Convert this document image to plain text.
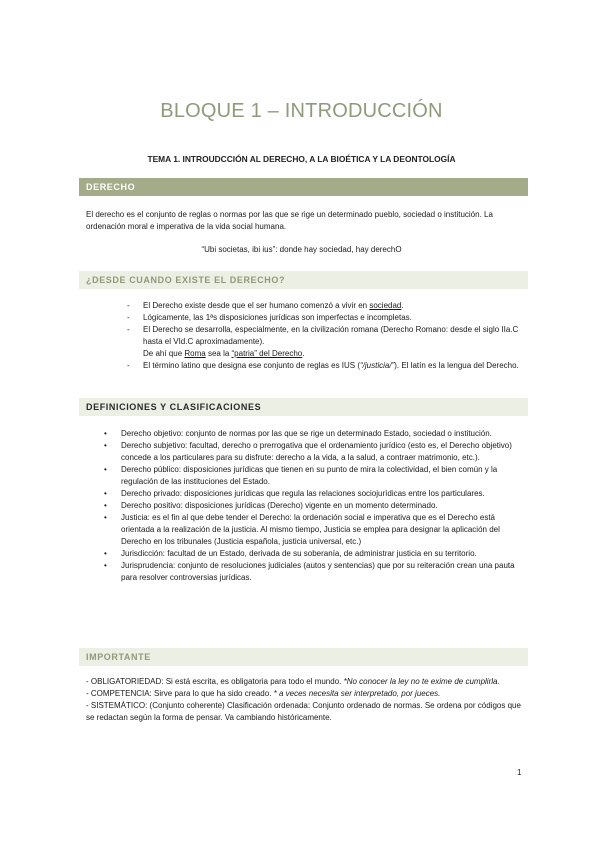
BLOQUE 1 – INTRODUCCIÓN
TEMA 1. INTROUDCCIÓN AL DERECHO, A LA BIOÉTICA Y LA DEONTOLOGÍA
DERECHO
El derecho es el conjunto de reglas o normas por las que se rige un determinado pueblo, sociedad o institución. La ordenación moral e imperativa de la vida social humana.
“Ubi societas, ibi ius”: donde hay sociedad, hay derechO
¿DESDE CUANDO EXISTE EL DERECHO?
- El Derecho existe desde que el ser humano comenzó a vivir en sociedad.
- Lógicamente, las 1ªs disposiciones jurídicas son imperfectas e incompletas.
- El Derecho se desarrolla, especialmente, en la civilización romana (Derecho Romano: desde el siglo IIa.C hasta el VId.C aproximadamente).
De ahí que Roma sea la “patria” del Derecho.
- El término latino que designa ese conjunto de reglas es IUS (“/justicia/”). El latín es la lengua del Derecho.
DEFINICIONES Y CLASIFICACIONES
• Derecho objetivo: conjunto de normas por las que se rige un determinado Estado, sociedad o institución.
• Derecho subjetivo: facultad, derecho o prerrogativa que el ordenamiento jurídico (esto es, el Derecho objetivo) concede a los particulares para su disfrute: derecho a la vida, a la salud, a contraer matrimonio, etc.).
• Derecho público: disposiciones jurídicas que tienen en su punto de mira la colectividad, el bien común y la regulación de las instituciones del Estado.
• Derecho privado: disposiciones jurídicas que regula las relaciones sociojurídicas entre los particulares.
• Derecho positivo: disposiciones jurídicas (Derecho) vigente en un momento determinado.
• Justicia: es el fin al que debe tender el Derecho: la ordenación social e imperativa que es el Derecho está orientada a la realización de la justicia. Al mismo tiempo, Justicia se emplea para designar la aplicación del Derecho en los tribunales (Justicia española, justicia universal, etc.)
• Jurisdicción: facultad de un Estado, derivada de su soberanía, de administrar justicia en su territorio.
• Jurisprudencia: conjunto de resoluciones judiciales (autos y sentencias) que por su reiteración crean una pauta para resolver controversias jurídicas.
IMPORTANTE

- OBLIGATORIEDAD: Si está escrita, es obligatoria para todo el mundo. *No conocer la ley no te exime de cumplirla.

- COMPETENCIA: Sirve para lo que ha sido creado. * a veces necesita ser interpretado, por jueces.

- SISTEMÁTICO: (Conjunto coherente) Clasificación ordenada: Conjunto ordenado de normas. Se ordena por códigos que se redactan según la forma de pensar. Va cambiando históricamente.

1
